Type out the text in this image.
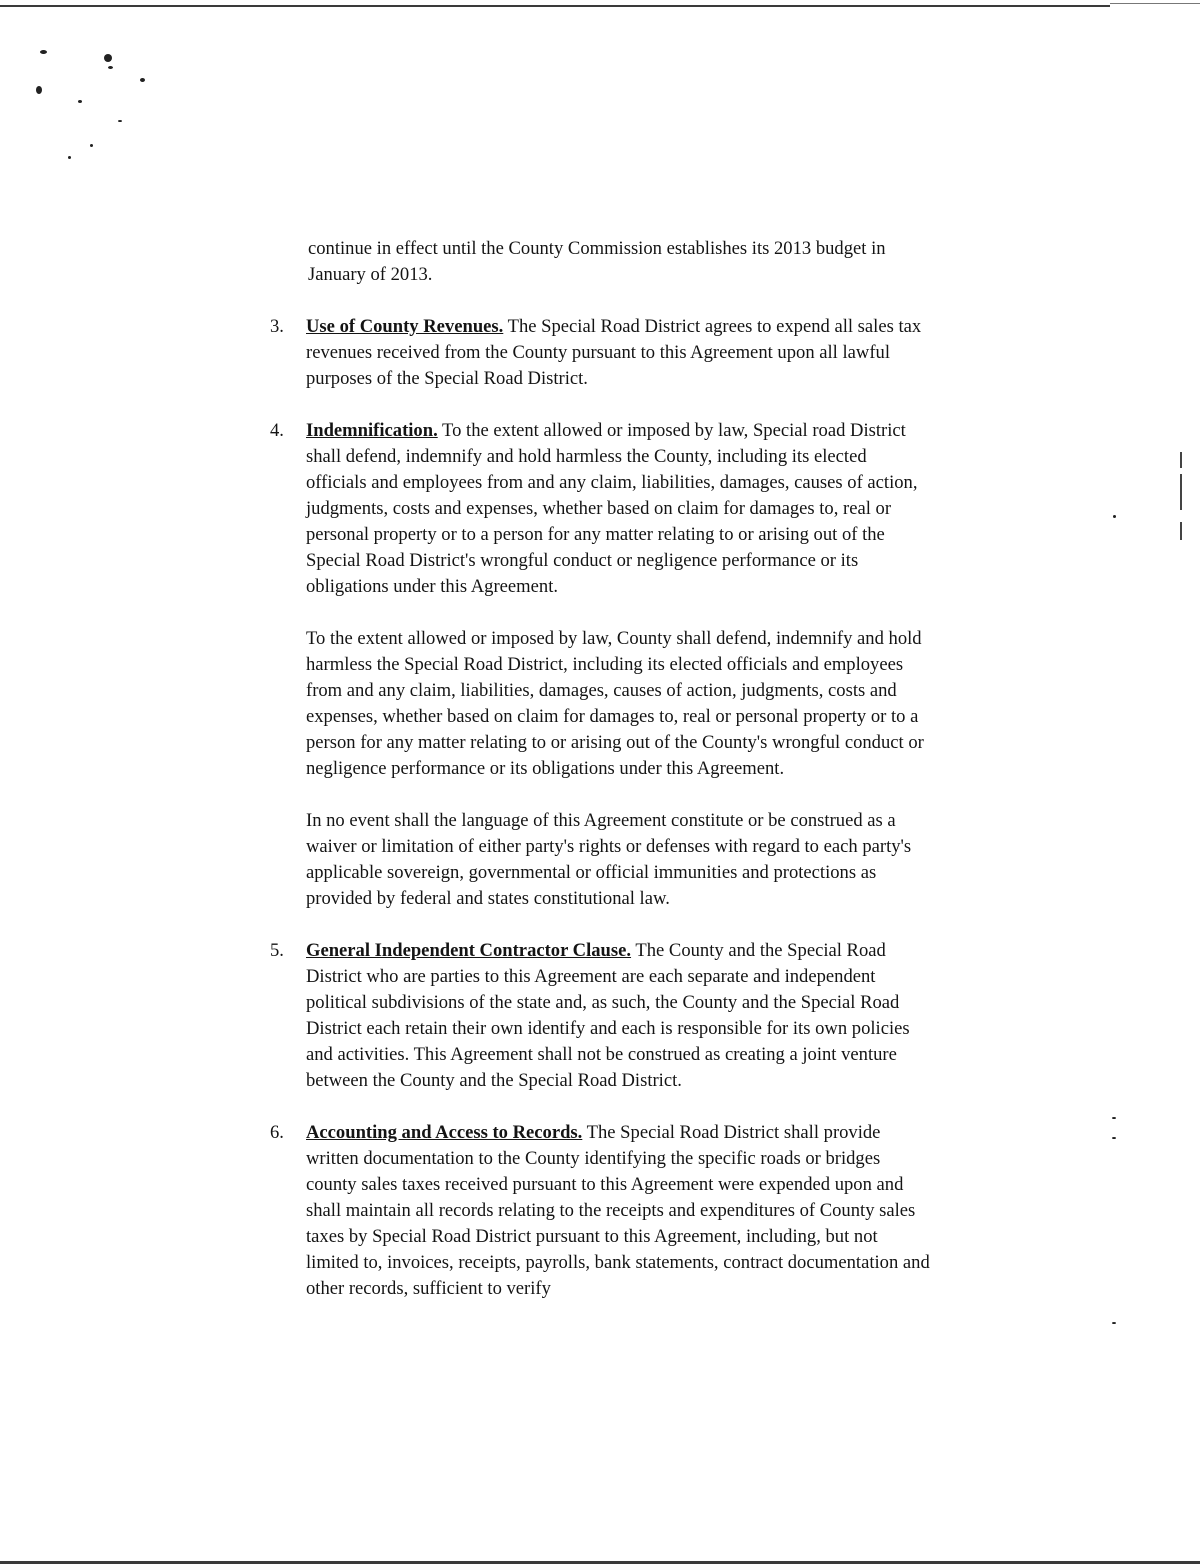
continue in effect until the County Commission establishes its 2013 budget in January of 2013.

3.	Use of County Revenues. The Special Road District agrees to expend all sales tax revenues received from the County pursuant to this Agreement upon all lawful purposes of the Special Road District.

4.	Indemnification. To the extent allowed or imposed by law, Special road District shall defend, indemnify and hold harmless the County, including its elected officials and employees from and any claim, liabilities, damages, causes of action, judgments, costs and expenses, whether based on claim for damages to, real or personal property or to a person for any matter relating to or arising out of the Special Road District's wrongful conduct or negligence performance or its obligations under this Agreement.

To the extent allowed or imposed by law, County shall defend, indemnify and hold harmless the Special Road District, including its elected officials and employees from and any claim, liabilities, damages, causes of action, judgments, costs and expenses, whether based on claim for damages to, real or personal property or to a person for any matter relating to or arising out of the County's wrongful conduct or negligence performance or its obligations under this Agreement.

In no event shall the language of this Agreement constitute or be construed as a waiver or limitation of either party's rights or defenses with regard to each party's applicable sovereign, governmental or official immunities and protections as provided by federal and states constitutional law.

5.	General Independent Contractor Clause. The County and the Special Road District who are parties to this Agreement are each separate and independent political subdivisions of the state and, as such, the County and the Special Road District each retain their own identify and each is responsible for its own policies and activities. This Agreement shall not be construed as creating a joint venture between the County and the Special Road District.

6.	Accounting and Access to Records. The Special Road District shall provide written documentation to the County identifying the specific roads or bridges county sales taxes received pursuant to this Agreement were expended upon and shall maintain all records relating to the receipts and expenditures of County sales taxes by Special Road District pursuant to this Agreement, including, but not limited to, invoices, receipts, payrolls, bank statements, contract documentation and other records, sufficient to verify
